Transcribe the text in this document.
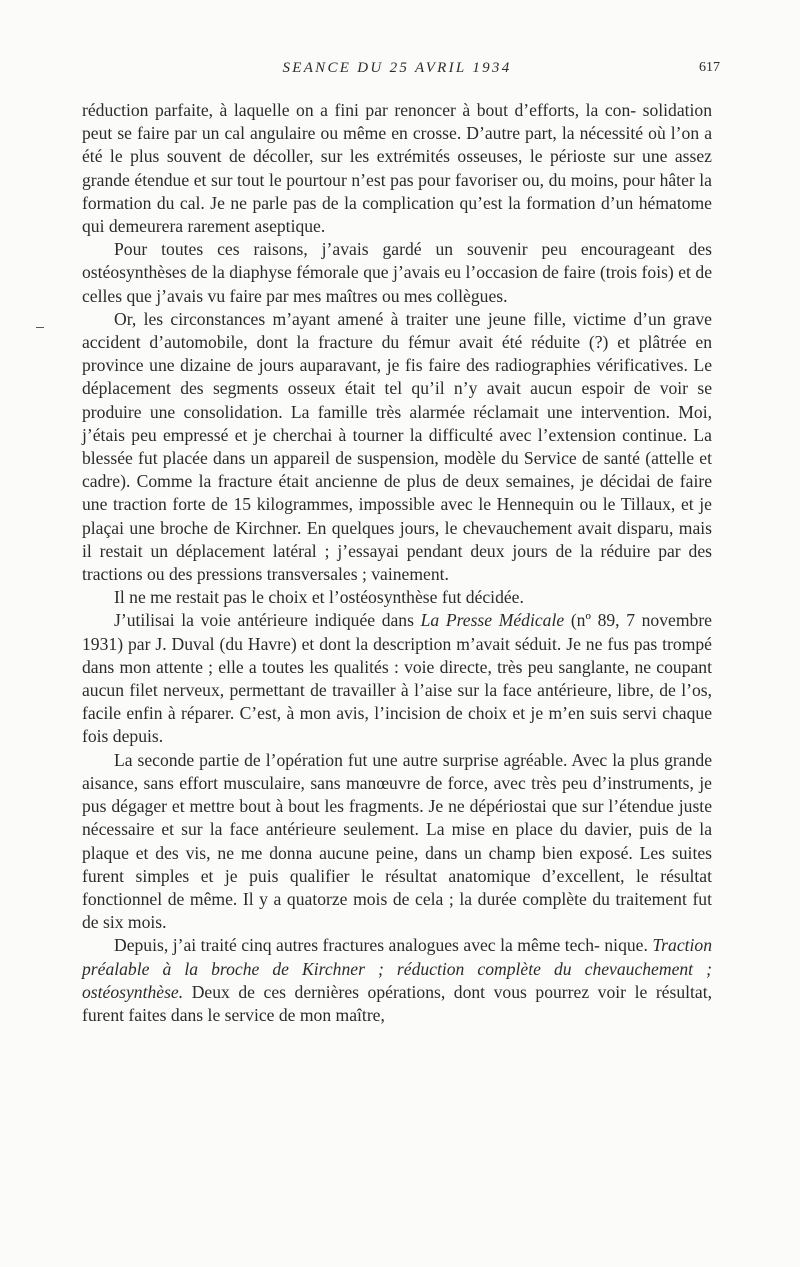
SEANCE DU 25 AVRIL 1934	617

réduction parfaite, à laquelle on a fini par renoncer à bout d’efforts, la con- solidation peut se faire par un cal angulaire ou même en crosse. D’autre part, la nécessité où l’on a été le plus souvent de décoller, sur les extrémités osseuses, le périoste sur une assez grande étendue et sur tout le pourtour n’est pas pour favoriser ou, du moins, pour hâter la formation du cal. Je ne parle pas de la complication qu’est la formation d’un hématome qui demeurera rarement aseptique.

Pour toutes ces raisons, j’avais gardé un souvenir peu encourageant des ostéosynthèses de la diaphyse fémorale que j’avais eu l’occasion de faire (trois fois) et de celles que j’avais vu faire par mes maîtres ou mes collègues.

Or, les circonstances m’ayant amené à traiter une jeune fille, victime d’un grave accident d’automobile, dont la fracture du fémur avait été réduite (?) et plâtrée en province une dizaine de jours auparavant, je fis faire des radiographies vérificatives. Le déplacement des segments osseux était tel qu’il n’y avait aucun espoir de voir se produire une consolidation. La famille très alarmée réclamait une intervention. Moi, j’étais peu empressé et je cherchai à tourner la difficulté avec l’extension continue. La blessée fut placée dans un appareil de suspension, modèle du Service de santé (attelle et cadre). Comme la fracture était ancienne de plus de deux semaines, je décidai de faire une traction forte de 15 kilogrammes, impossible avec le Hennequin ou le Tillaux, et je plaçai une broche de Kirchner. En quelques jours, le chevauchement avait disparu, mais il restait un déplacement latéral ; j’essayai pendant deux jours de la réduire par des tractions ou des pressions transversales ; vainement.

Il ne me restait pas le choix et l’ostéosynthèse fut décidée.

J’utilisai la voie antérieure indiquée dans La Presse Médicale (nº 89, 7 novembre 1931) par J. Duval (du Havre) et dont la description m’avait séduit. Je ne fus pas trompé dans mon attente ; elle a toutes les qualités : voie directe, très peu sanglante, ne coupant aucun filet nerveux, permettant de travailler à l’aise sur la face antérieure, libre, de l’os, facile enfin à réparer. C’est, à mon avis, l’incision de choix et je m’en suis servi chaque fois depuis.

La seconde partie de l’opération fut une autre surprise agréable. Avec la plus grande aisance, sans effort musculaire, sans manœuvre de force, avec très peu d’instruments, je pus dégager et mettre bout à bout les fragments. Je ne dépériostai que sur l’étendue juste nécessaire et sur la face antérieure seulement. La mise en place du davier, puis de la plaque et des vis, ne me donna aucune peine, dans un champ bien exposé. Les suites furent simples et je puis qualifier le résultat anatomique d’excellent, le résultat fonctionnel de même. Il y a quatorze mois de cela ; la durée complète du traitement fut de six mois.

Depuis, j’ai traité cinq autres fractures analogues avec la même tech- nique. Traction préalable à la broche de Kirchner ; réduction complète du chevauchement ; ostéosynthèse. Deux de ces dernières opérations, dont vous pourrez voir le résultat, furent faites dans le service de mon maître,
